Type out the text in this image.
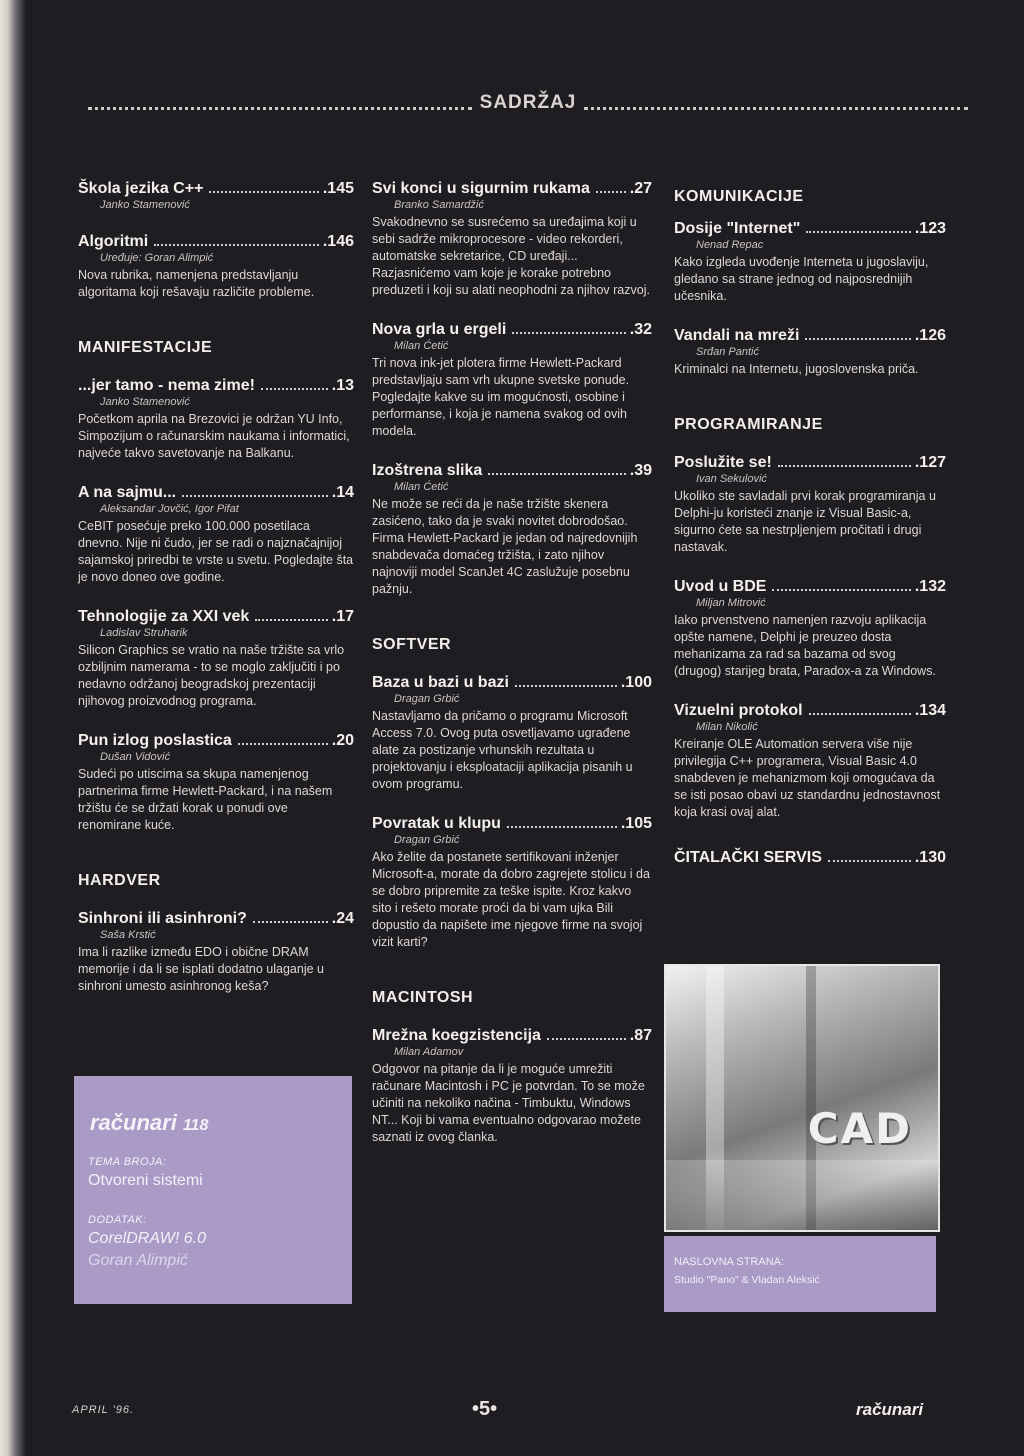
SADRŽAJ
Škola jezika C++	.145
Janko Stamenović
Algoritmi	.146
Uređuje: Goran Alimpić
Nova rubrika, namenjena predstavljanju algoritama koji rešavaju različite probleme.
MANIFESTACIJE
...jer tamo - nema zime!	.13
Janko Stamenović
Početkom aprila na Brezovici je održan YU Info, Simpozijum o računarskim naukama i informatici, najveće takvo savetovanje na Balkanu.
A na sajmu...	.14
Aleksandar Jovčić, Igor Pifat
CeBIT posećuje preko 100.000 posetilaca dnevno. Nije ni čudo, jer se radi o najznačajnijoj sajamskoj priredbi te vrste u svetu. Pogledajte šta je novo doneo ove godine.
Tehnologije za XXI vek	.17
Ladislav Struharik
Silicon Graphics se vratio na naše tržište sa vrlo ozbiljnim namerama - to se moglo zaključiti i po nedavno održanoj beogradskoj prezentaciji njihovog proizvodnog programa.
Pun izlog poslastica	.20
Dušan Vidović
Sudeći po utiscima sa skupa namenjenog partnerima firme Hewlett-Packard, i na našem tržištu će se držati korak u ponudi ove renomirane kuće.
HARDVER
Sinhroni ili asinhroni?	.24
Saša Krstić
Ima li razlike između EDO i obične DRAM memorije i da li se isplati dodatno ulaganje u sinhroni umesto asinhronog keša?
računari 118
TEMA BROJA:
Otvoreni sistemi
DODATAK:
CorelDRAW! 6.0
Goran Alimpić
Svi konci u sigurnim rukama .27
Branko Samardžić
Svakodnevno se susrećemo sa uređajima koji u sebi sadrže mikroprocesore - video rekorderi, automatske sekretarice, CD uređaji... Razjasnićemo vam koje je korake potrebno preduzeti i koji su alati neophodni za njihov razvoj.
Nova grla u ergeli	.32
Milan Ćetić
Tri nova ink-jet plotera firme Hewlett-Packard predstavljaju sam vrh ukupne svetske ponude. Pogledajte kakve su im mogućnosti, osobine i performanse, i koja je namena svakog od ovih modela.
Izoštrena slika	.39
Milan Ćetić
Ne može se reći da je naše tržište skenera zasićeno, tako da je svaki novitet dobrodošao. Firma Hewlett-Packard je jedan od najredovnijih snabdevača domaćeg tržišta, i zato njihov najnoviji model ScanJet 4C zaslužuje posebnu pažnju.
SOFTVER
Baza u bazi u bazi	.100
Dragan Grbić
Nastavljamo da pričamo o programu Microsoft Access 7.0. Ovog puta osvetljavamo ugrađene alate za postizanje vrhunskih rezultata u projektovanju i eksploataciji aplikacija pisanih u ovom programu.
Povratak u klupu	.105
Dragan Grbić
Ako želite da postanete sertifikovani inženjer Microsoft-a, morate da dobro zagrejete stolicu i da se dobro pripremite za teške ispite. Kroz kakvo sito i rešeto morate proći da bi vam ujka Bili dopustio da napišete ime njegove firme na svojoj vizit karti?
MACINTOSH
Mrežna koegzistencija	.87
Milan Adamov
Odgovor na pitanje da li je moguće umrežiti računare Macintosh i PC je potvrdan. To se može učiniti na nekoliko načina - Timbuktu, Windows NT... Koji bi vama eventualno odgovarao možete saznati iz ovog članka.
KOMUNIKACIJE
Dosije "Internet"	.123
Nenad Repac
Kako izgleda uvođenje Interneta u jugoslaviju, gledano sa strane jednog od najposrednijih učesnika.
Vandali na mreži	.126
Srđan Pantić
Kriminalci na Internetu, jugoslovenska priča.
PROGRAMIRANJE
Poslužite se!	.127
Ivan Sekulović
Ukoliko ste savladali prvi korak programiranja u Delphi-ju koristeći znanje iz Visual Basic-a, sigurno ćete sa nestrpljenjem pročitati i drugi nastavak.
Uvod u BDE	.132
Miljan Mitrović
Iako prvenstveno namenjen razvoju aplikacija opšte namene, Delphi je preuzeo dosta mehanizama za rad sa bazama od svog (drugog) starijeg brata, Paradox-a za Windows.
Vizuelni protokol	.134
Milan Nikolić
Kreiranje OLE Automation servera više nije privilegija C++ programera, Visual Basic 4.0 snabdeven je mehanizmom koji omogućava da se isti posao obavi uz standardnu jednostavnost koja krasi ovaj alat.
ČITALAČKI SERVIS	.130
CAD
NASLOVNA STRANA:
Studio "Pano" & Vladan Aleksić
APRIL '96.	•5•	računari
